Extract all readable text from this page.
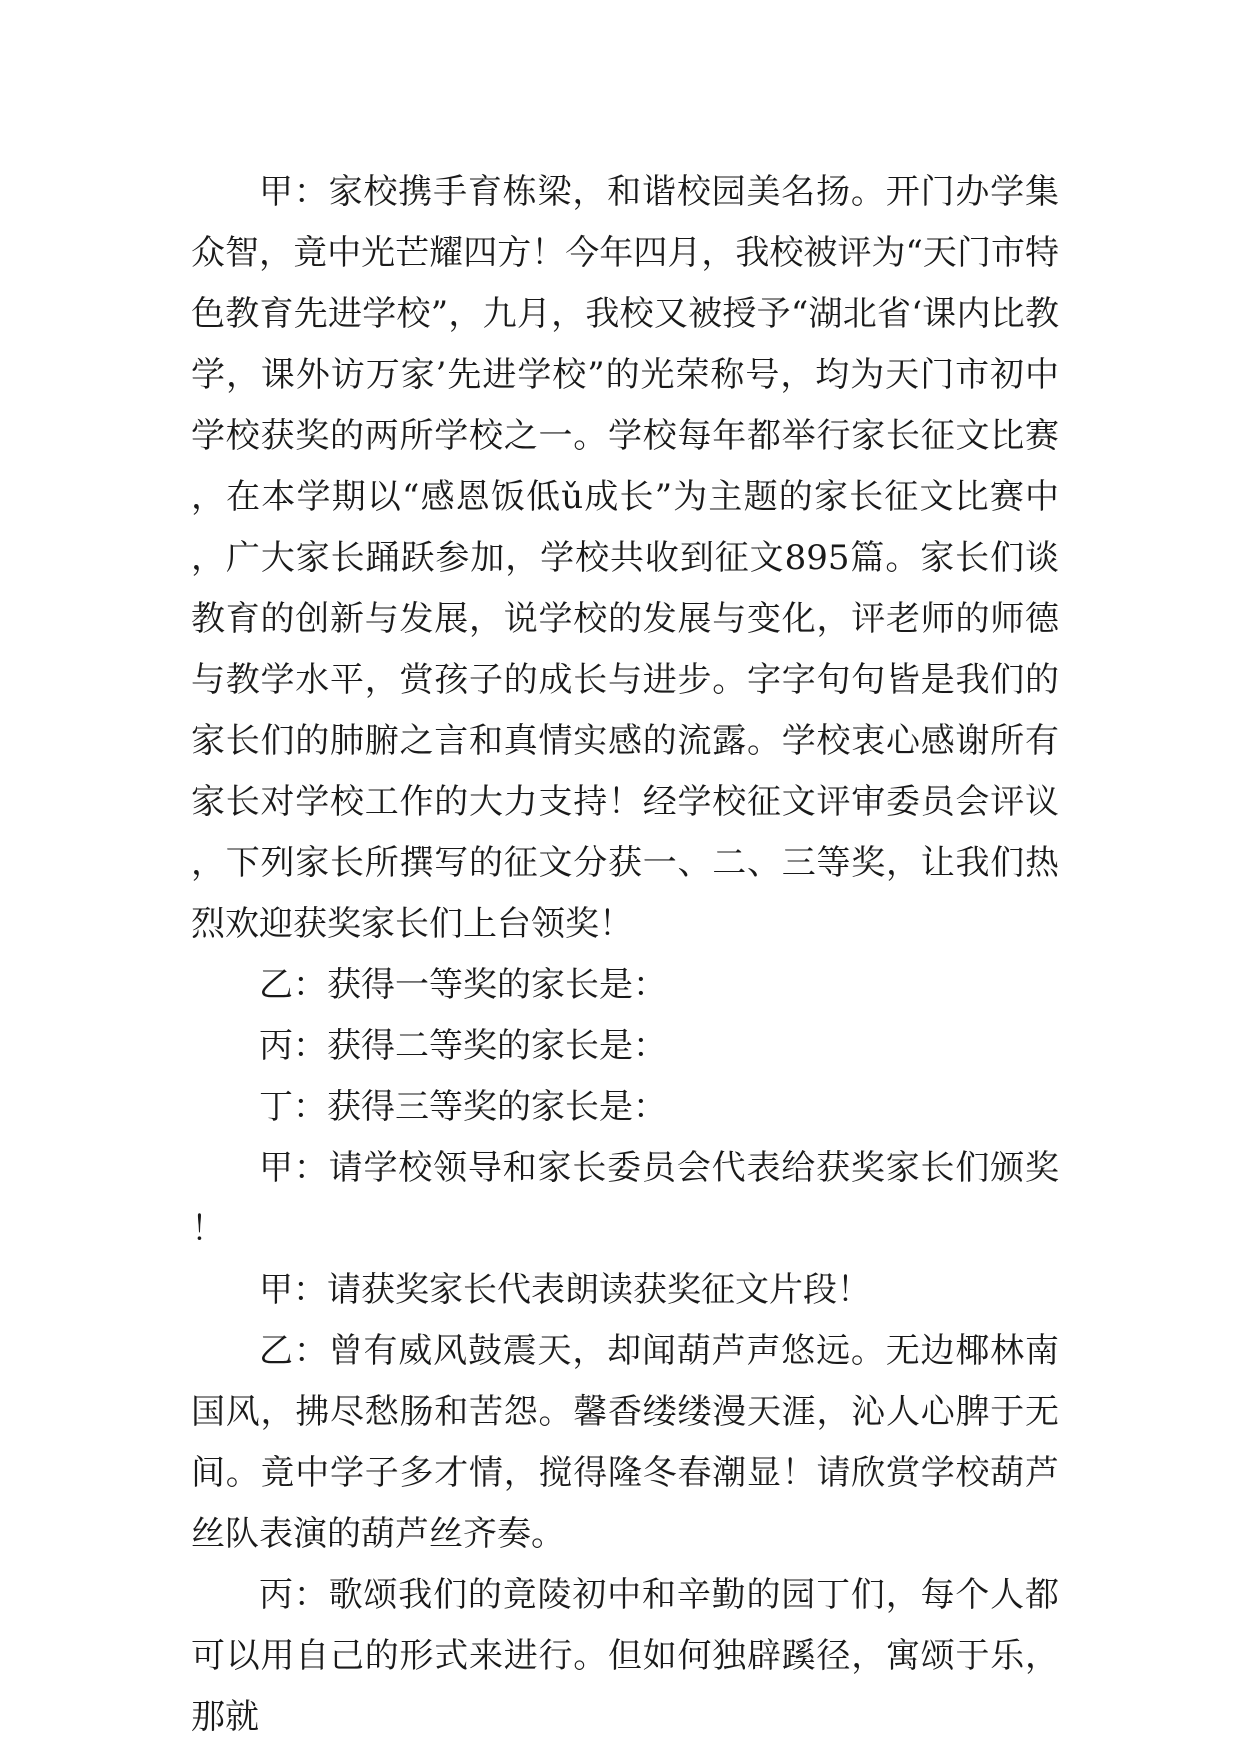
甲：家校携手育栋梁，和谐校园美名扬。开门办学集众智，竟中光芒耀四方！今年四月，我校被评为“天门市特色教育先进学校”，九月，我校又被授予“湖北省‘课内比教学，课外访万家’先进学校”的光荣称号，均为天门市初中学校获奖的两所学校之一。学校每年都举行家长征文比赛，在本学期以“感恩饭低ǔ成长”为主题的家长征文比赛中，广大家长踊跃参加，学校共收到征文895篇。家长们谈教育的创新与发展，说学校的发展与变化，评老师的师德与教学水平，赏孩子的成长与进步。字字句句皆是我们的家长们的肺腑之言和真情实感的流露。学校衷心感谢所有家长对学校工作的大力支持！经学校征文评审委员会评议，下列家长所撰写的征文分获一、二、三等奖，让我们热烈欢迎获奖家长们上台领奖！

乙：获得一等奖的家长是：

丙：获得二等奖的家长是：

丁：获得三等奖的家长是：

甲：请学校领导和家长委员会代表给获奖家长们颁奖！

甲：请获奖家长代表朗读获奖征文片段！

乙：曾有威风鼓震天，却闻葫芦声悠远。无边椰林南国风，拂尽愁肠和苦怨。馨香缕缕漫天涯，沁人心脾于无间。竟中学子多才情，搅得隆冬春潮显！请欣赏学校葫芦丝队表演的葫芦丝齐奏。

丙：歌颂我们的竟陵初中和辛勤的园丁们，每个人都可以用自己的形式来进行。但如何独辟蹊径，寓颂于乐，那就
